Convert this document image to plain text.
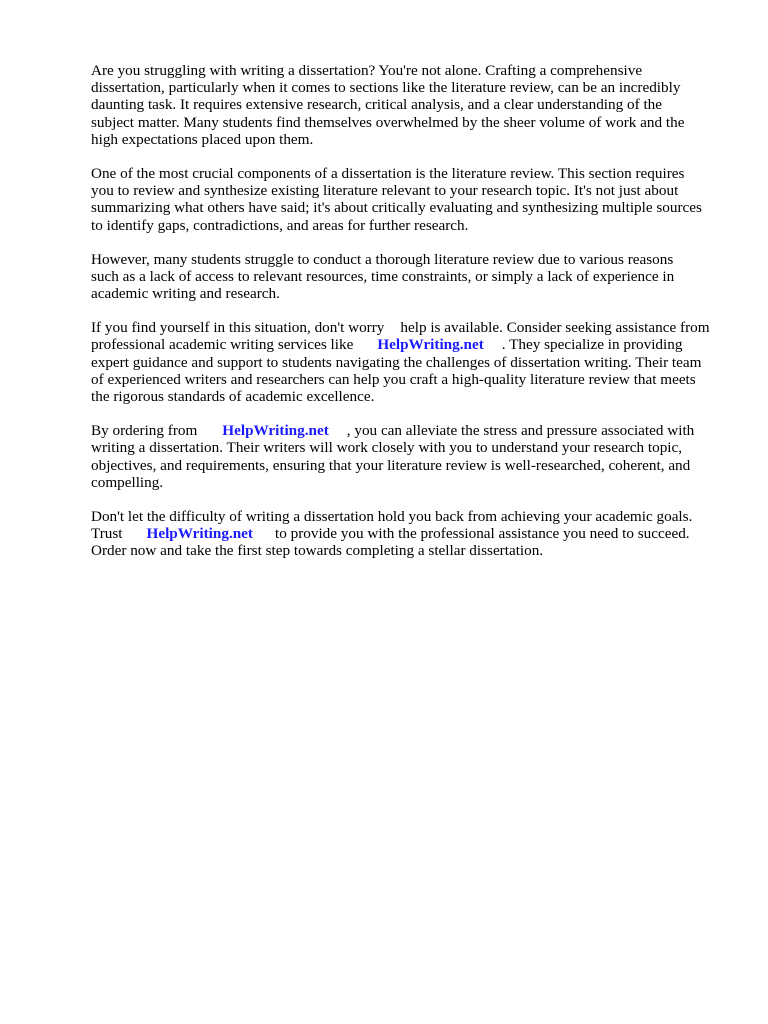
Are you struggling with writing a dissertation? You're not alone. Crafting a comprehensive
dissertation, particularly when it comes to sections like the literature review, can be an incredibly
daunting task. It requires extensive research, critical analysis, and a clear understanding of the
subject matter. Many students find themselves overwhelmed by the sheer volume of work and the
high expectations placed upon them.

One of the most crucial components of a dissertation is the literature review. This section requires
you to review and synthesize existing literature relevant to your research topic. It's not just about
summarizing what others have said; it's about critically evaluating and synthesizing multiple sources
to identify gaps, contradictions, and areas for further research.

However, many students struggle to conduct a thorough literature review due to various reasons
such as a lack of access to relevant resources, time constraints, or simply a lack of experience in
academic writing and research.

If you find yourself in this situation, don't worry help is available. Consider seeking assistance from
professional academic writing services like HelpWriting.net . They specialize in providing
expert guidance and support to students navigating the challenges of dissertation writing. Their team
of experienced writers and researchers can help you craft a high-quality literature review that meets
the rigorous standards of academic excellence.

By ordering from HelpWriting.net , you can alleviate the stress and pressure associated with
writing a dissertation. Their writers will work closely with you to understand your research topic,
objectives, and requirements, ensuring that your literature review is well-researched, coherent, and
compelling.

Don't let the difficulty of writing a dissertation hold you back from achieving your academic goals.
Trust HelpWriting.net to provide you with the professional assistance you need to succeed.
Order now and take the first step towards completing a stellar dissertation.
